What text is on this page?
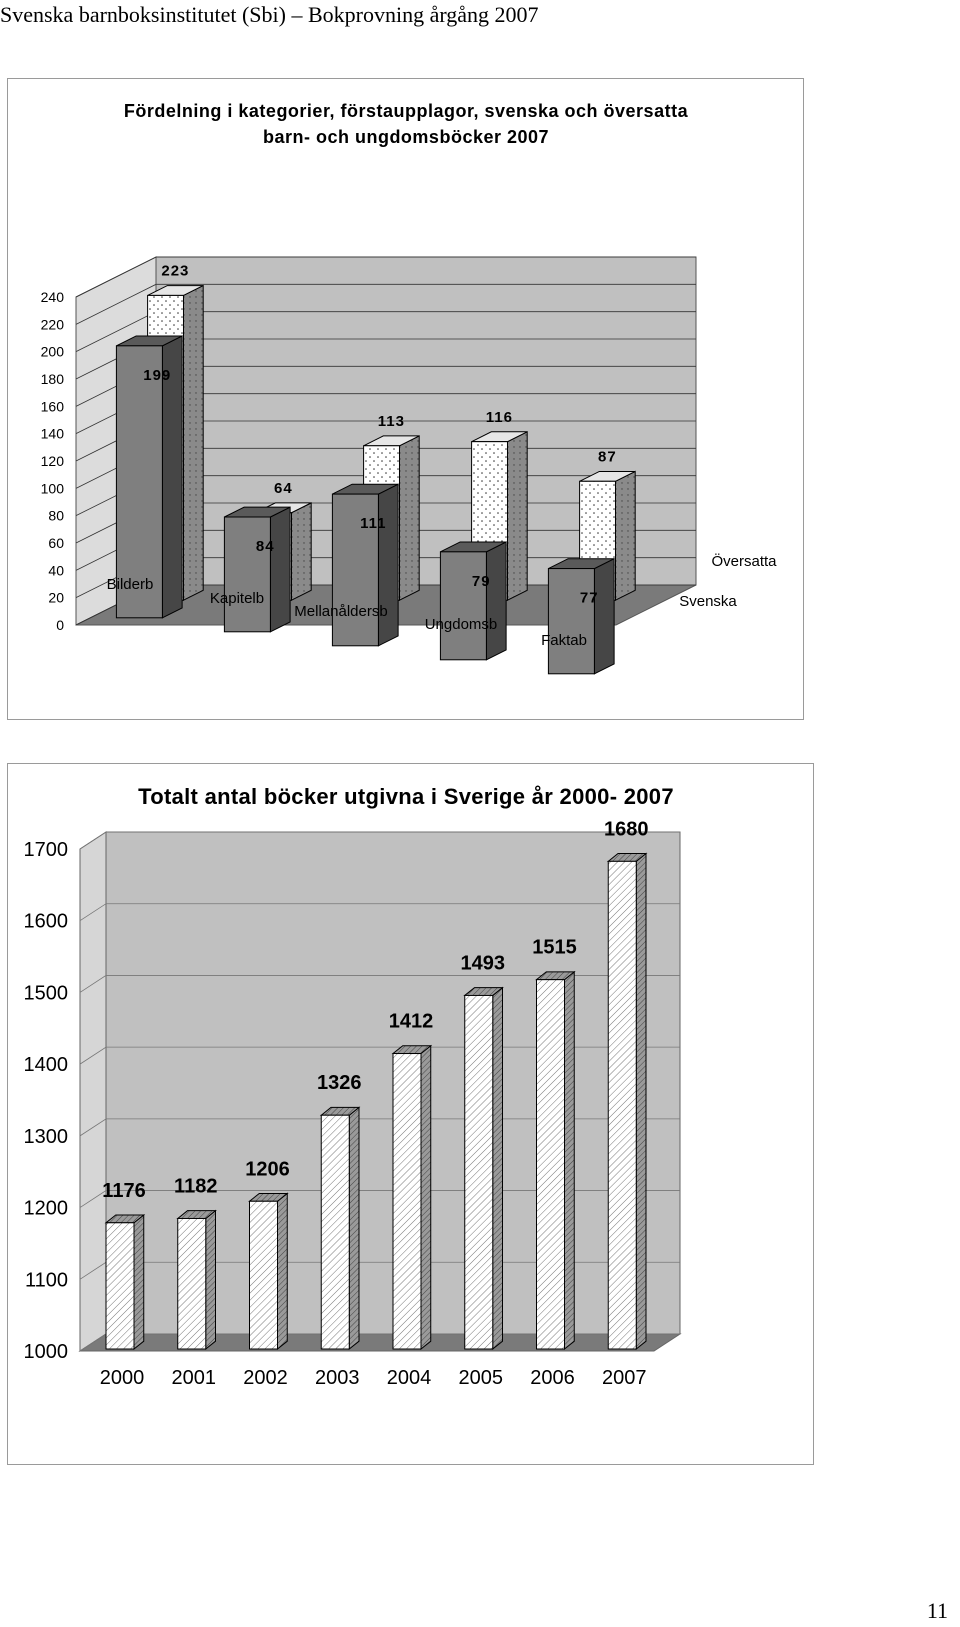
Svenska barnboksinstitutet (Sbi) – Bokprovning årgång 2007
Fördelning i kategorier, förstaupplagor, svenska och översatta
barn- och ungdomsböcker 2007
0
20
40
60
80
100
120
140
160
180
200
220
240
87
116
113
64
223
77
79
111
84
199
Bilderb
Kapitelb
Mellanåldersb
Ungdomsb
Faktab
Översatta
Svenska
Totalt antal böcker utgivna i Sverige år 2000- 2007
1000
1100
1200
1300
1400
1500
1600
1700
1176
2000
1182
2001
1206
2002
1326
2003
1412
2004
1493
2005
1515
2006
1680
2007
11
